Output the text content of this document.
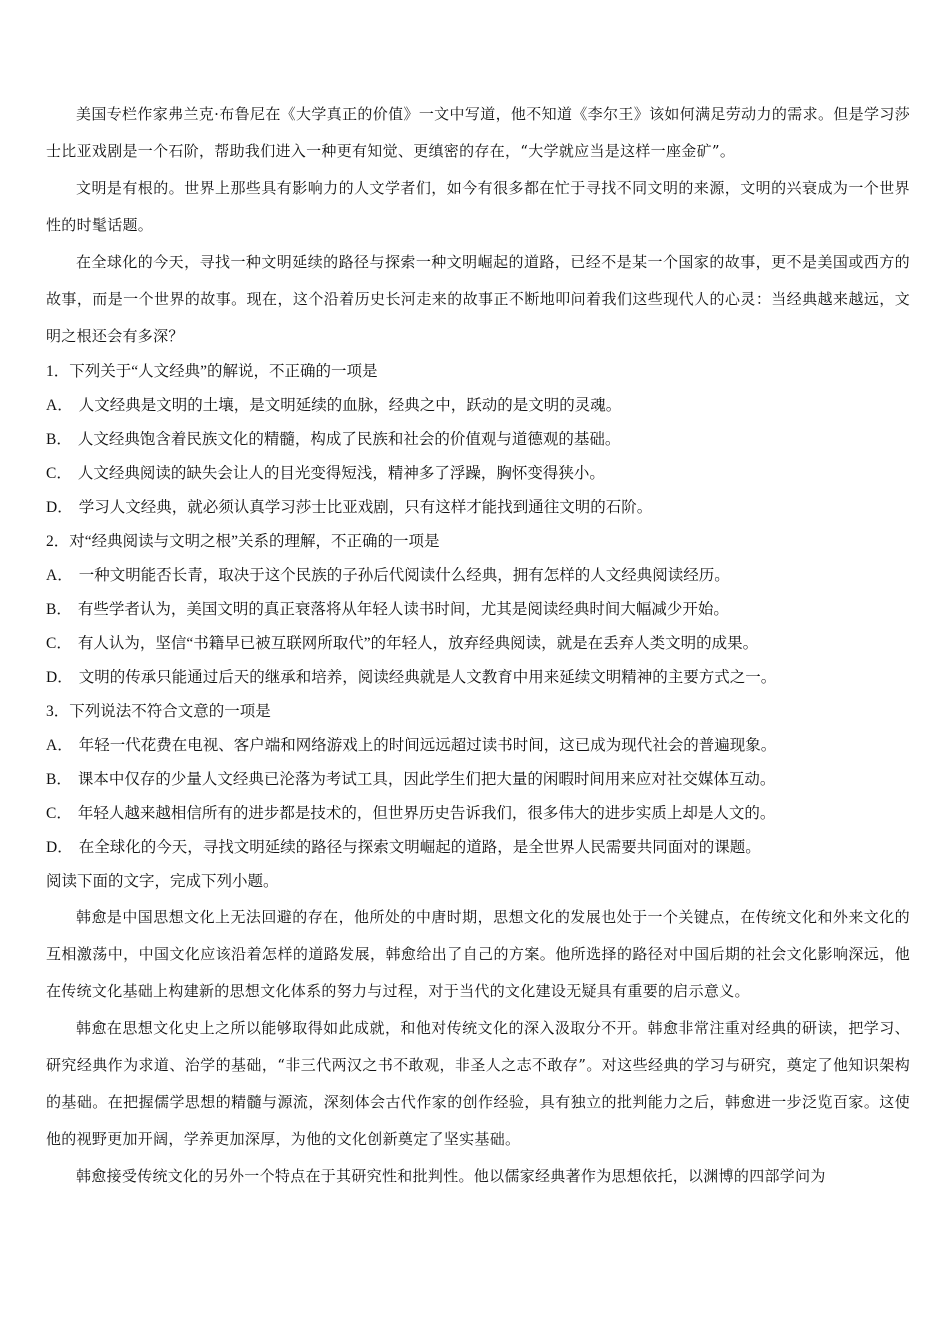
美国专栏作家弗兰克·布鲁尼在《大学真正的价值》一文中写道，他不知道《李尔王》该如何满足劳动力的需求。但是学习莎士比亚戏剧是一个石阶，帮助我们进入一种更有知觉、更缜密的存在，“大学就应当是这样一座金矿”。

文明是有根的。世界上那些具有影响力的人文学者们，如今有很多都在忙于寻找不同文明的来源，文明的兴衰成为一个世界性的时髦话题。

在全球化的今天，寻找一种文明延续的路径与探索一种文明崛起的道路，已经不是某一个国家的故事，更不是美国或西方的故事，而是一个世界的故事。现在，这个沿着历史长河走来的故事正不断地叩问着我们这些现代人的心灵：当经典越来越远，文明之根还会有多深？

1．下列关于“人文经典”的解说，不正确的一项是

A． 人文经典是文明的土壤，是文明延续的血脉，经典之中，跃动的是文明的灵魂。

B． 人文经典饱含着民族文化的精髓，构成了民族和社会的价值观与道德观的基础。

C． 人文经典阅读的缺失会让人的目光变得短浅，精神多了浮躁，胸怀变得狭小。

D． 学习人文经典，就必须认真学习莎士比亚戏剧，只有这样才能找到通往文明的石阶。

2．对“经典阅读与文明之根”关系的理解，不正确的一项是

A． 一种文明能否长青，取决于这个民族的子孙后代阅读什么经典，拥有怎样的人文经典阅读经历。

B． 有些学者认为，美国文明的真正衰落将从年轻人读书时间，尤其是阅读经典时间大幅减少开始。

C． 有人认为，坚信“书籍早已被互联网所取代”的年轻人，放弃经典阅读，就是在丢弃人类文明的成果。

D． 文明的传承只能通过后天的继承和培养，阅读经典就是人文教育中用来延续文明精神的主要方式之一。

3．下列说法不符合文意的一项是

A． 年轻一代花费在电视、客户端和网络游戏上的时间远远超过读书时间，这已成为现代社会的普遍现象。

B． 课本中仅存的少量人文经典已沦落为考试工具，因此学生们把大量的闲暇时间用来应对社交媒体互动。

C． 年轻人越来越相信所有的进步都是技术的，但世界历史告诉我们，很多伟大的进步实质上却是人文的。

D． 在全球化的今天，寻找文明延续的路径与探索文明崛起的道路，是全世界人民需要共同面对的课题。

阅读下面的文字，完成下列小题。

韩愈是中国思想文化上无法回避的存在，他所处的中唐时期，思想文化的发展也处于一个关键点，在传统文化和外来文化的互相激荡中，中国文化应该沿着怎样的道路发展，韩愈给出了自己的方案。他所选择的路径对中国后期的社会文化影响深远，他在传统文化基础上构建新的思想文化体系的努力与过程，对于当代的文化建设无疑具有重要的启示意义。

韩愈在思想文化史上之所以能够取得如此成就，和他对传统文化的深入汲取分不开。韩愈非常注重对经典的研读，把学习、研究经典作为求道、治学的基础，“非三代两汉之书不敢观，非圣人之志不敢存”。对这些经典的学习与研究，奠定了他知识架构的基础。在把握儒学思想的精髓与源流，深刻体会古代作家的创作经验，具有独立的批判能力之后，韩愈进一步泛览百家。这使他的视野更加开阔，学养更加深厚，为他的文化创新奠定了坚实基础。

韩愈接受传统文化的另外一个特点在于其研究性和批判性。他以儒家经典著作为思想依托，以渊博的四部学问为
